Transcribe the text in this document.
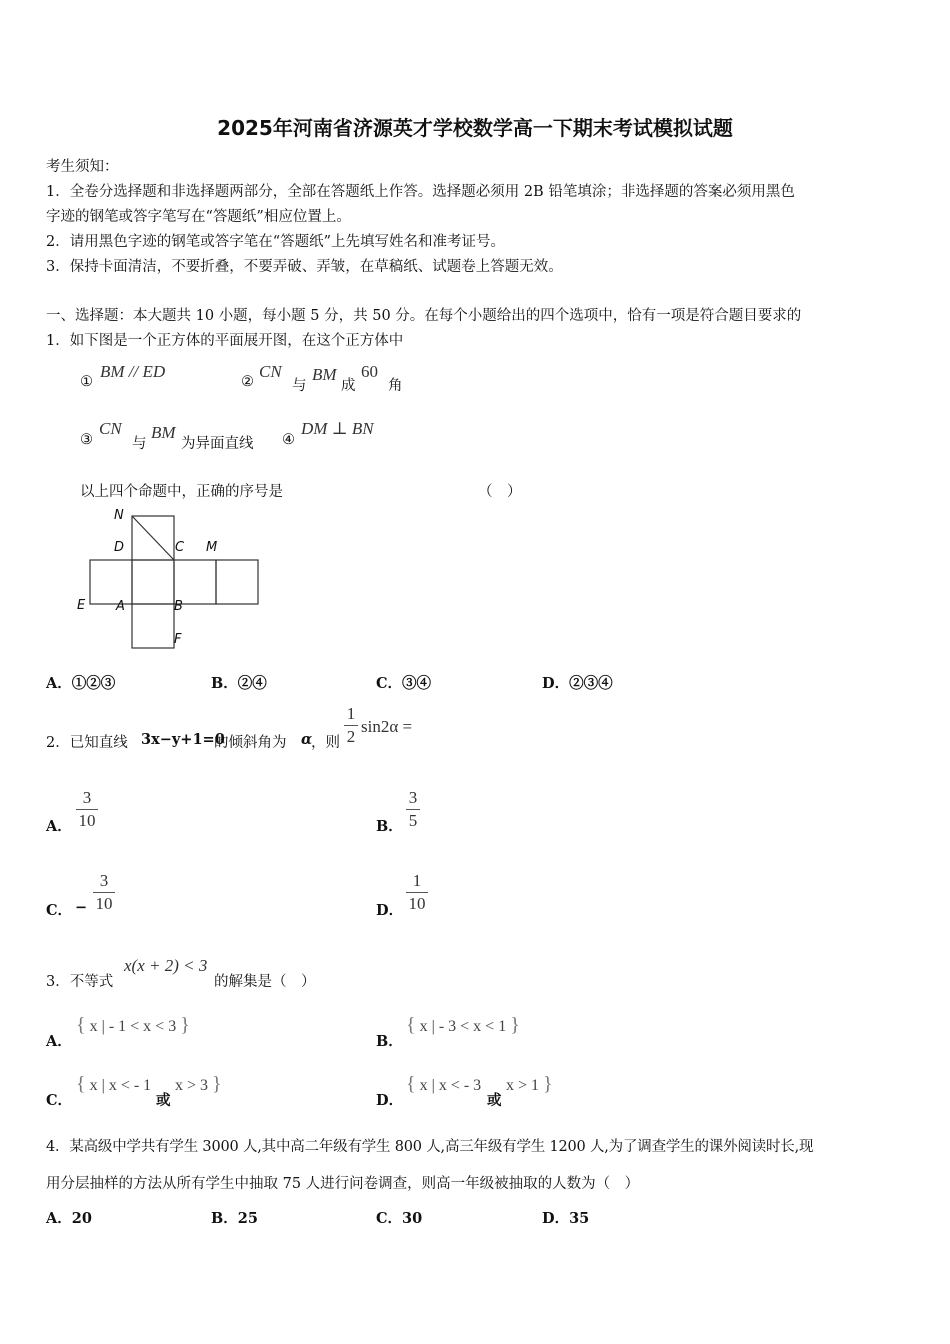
2025年河南省济源英才学校数学高一下期末考试模拟试题
考生须知：
1．全卷分选择题和非选择题两部分，全部在答题纸上作答。选择题必须用 2B 铅笔填涂；非选择题的答案必须用黑色
字迹的钢笔或答字笔写在“答题纸”相应位置上。
2．请用黑色字迹的钢笔或答字笔在“答题纸”上先填写姓名和准考证号。
3．保持卡面清洁，不要折叠，不要弄破、弄皱，在草稿纸、试题卷上答题无效。
一、选择题：本大题共 10 小题，每小题 5 分，共 50 分。在每个小题给出的四个选项中，恰有一项是符合题目要求的
1．如下图是一个正方体的平面展开图，在这个正方体中
①
BM // ED
②
CN
与
BM
成
60
角
③
CN
与
BM
为异面直线 ④
DM ⊥ BN
以上四个命题中，正确的序号是	（　）
N
D	C M
E A	B
F
A．①②③	B．②④	C．③④	D．②③④
2．已知直线 3x−y+1=0
的倾斜角为 α
，则
1
2
sin2α =
A．
3
10	B．
3
5
C． −
3
10	D．
1
10
3．不等式
x(x + 2) < 3
的解集是（　）
A．
{ x | - 1 < x < 3 }
B．
{ x | - 3 < x < 1 }
C．
{ x | x < - 1
或
x > 3 }
D．
{ x | x < - 3
或
x > 1 }
4．某高级中学共有学生 3000 人,其中高二年级有学生 800 人,高三年级有学生 1200 人,为了调查学生的课外阅读时长,现
用分层抽样的方法从所有学生中抽取 75 人进行问卷调查，则高一年级被抽取的人数为（　）
A．20	B．25	C．30	D．35
